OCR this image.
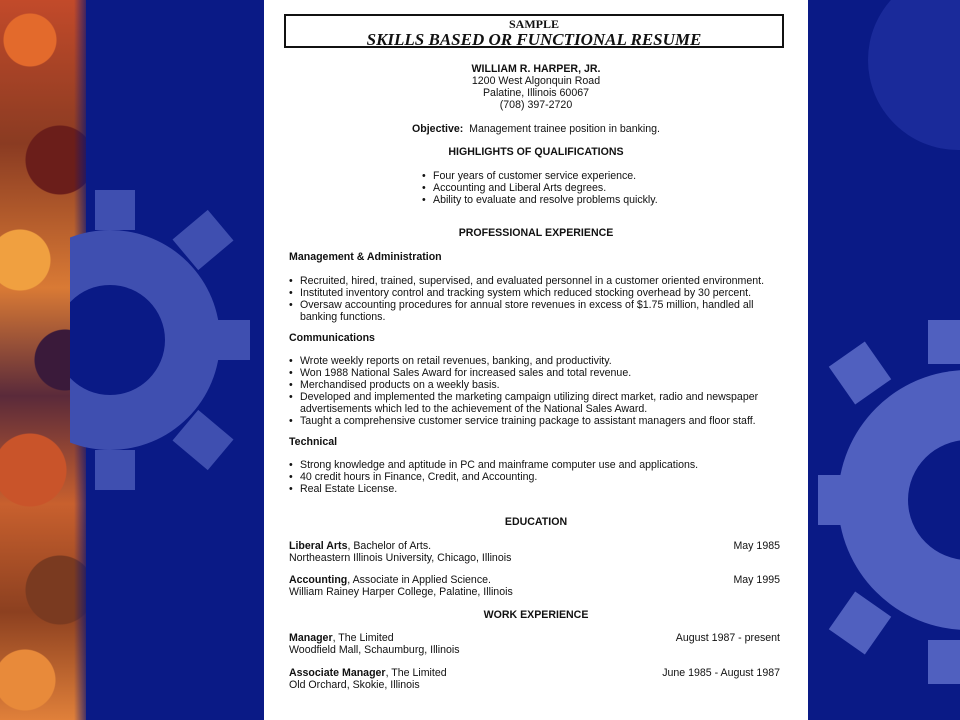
SAMPLE
SKILLS BASED OR FUNCTIONAL RESUME
WILLIAM R. HARPER, JR.
1200 West Algonquin Road
Palatine, Illinois 60067
(708) 397-2720
Objective: Management trainee position in banking.
HIGHLIGHTS OF QUALIFICATIONS
• Four years of customer service experience.
• Accounting and Liberal Arts degrees.
• Ability to evaluate and resolve problems quickly.
PROFESSIONAL EXPERIENCE
Management & Administration
• Recruited, hired, trained, supervised, and evaluated personnel in a customer oriented environment.
• Instituted inventory control and tracking system which reduced stocking overhead by 30 percent.
• Oversaw accounting procedures for annual store revenues in excess of $1.75 million, handled all banking functions.
Communications
• Wrote weekly reports on retail revenues, banking, and productivity.
• Won 1988 National Sales Award for increased sales and total revenue.
• Merchandised products on a weekly basis.
• Developed and implemented the marketing campaign utilizing direct market, radio and newspaper advertisements which led to the achievement of the National Sales Award.
• Taught a comprehensive customer service training package to assistant managers and floor staff.
Technical
• Strong knowledge and aptitude in PC and mainframe computer use and applications.
• 40 credit hours in Finance, Credit, and Accounting.
• Real Estate License.
EDUCATION
Liberal Arts, Bachelor of Arts.	May 1985
Northeastern Illinois University, Chicago, Illinois
Accounting, Associate in Applied Science.	May 1995
William Rainey Harper College, Palatine, Illinois
WORK EXPERIENCE
Manager, The Limited	August 1987 - present
Woodfield Mall, Schaumburg, Illinois
Associate Manager, The Limited	June 1985 - August 1987
Old Orchard, Skokie, Illinois
